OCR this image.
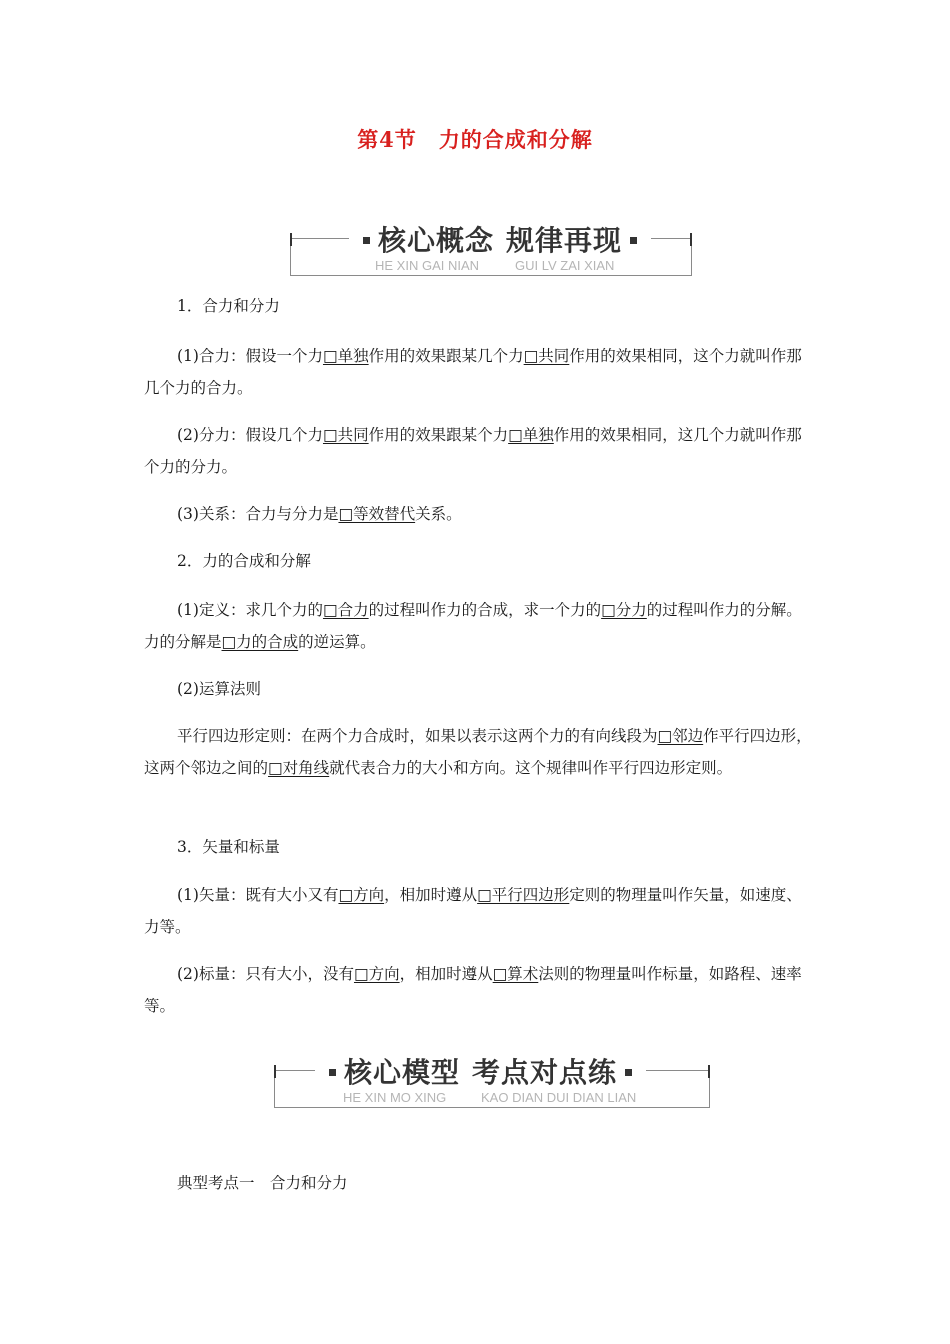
第4节 力的合成和分解
核心概念 规律再现
HE XIN GAI NIAN	GUI LV ZAI XIAN
1．合力和分力
(1)合力：假设一个力□单独作用的效果跟某几个力□共同作用的效果相同，这个力就叫作那几个力的合力。
(2)分力：假设几个力□共同作用的效果跟某个力□单独作用的效果相同，这几个力就叫作那个力的分力。
(3)关系：合力与分力是□等效替代关系。
2．力的合成和分解
(1)定义：求几个力的□合力的过程叫作力的合成，求一个力的□分力的过程叫作力的分解。力的分解是□力的合成的逆运算。
(2)运算法则
平行四边形定则：在两个力合成时，如果以表示这两个力的有向线段为□邻边作平行四边形，这两个邻边之间的□对角线就代表合力的大小和方向。这个规律叫作平行四边形定则。
3．矢量和标量
(1)矢量：既有大小又有□方向，相加时遵从□平行四边形定则的物理量叫作矢量，如速度、力等。
(2)标量：只有大小，没有□方向，相加时遵从□算术法则的物理量叫作标量，如路程、速率等。
核心模型 考点对点练
HE XIN MO XING	KAO DIAN DUI DIAN LIAN
典型考点一　合力和分力
